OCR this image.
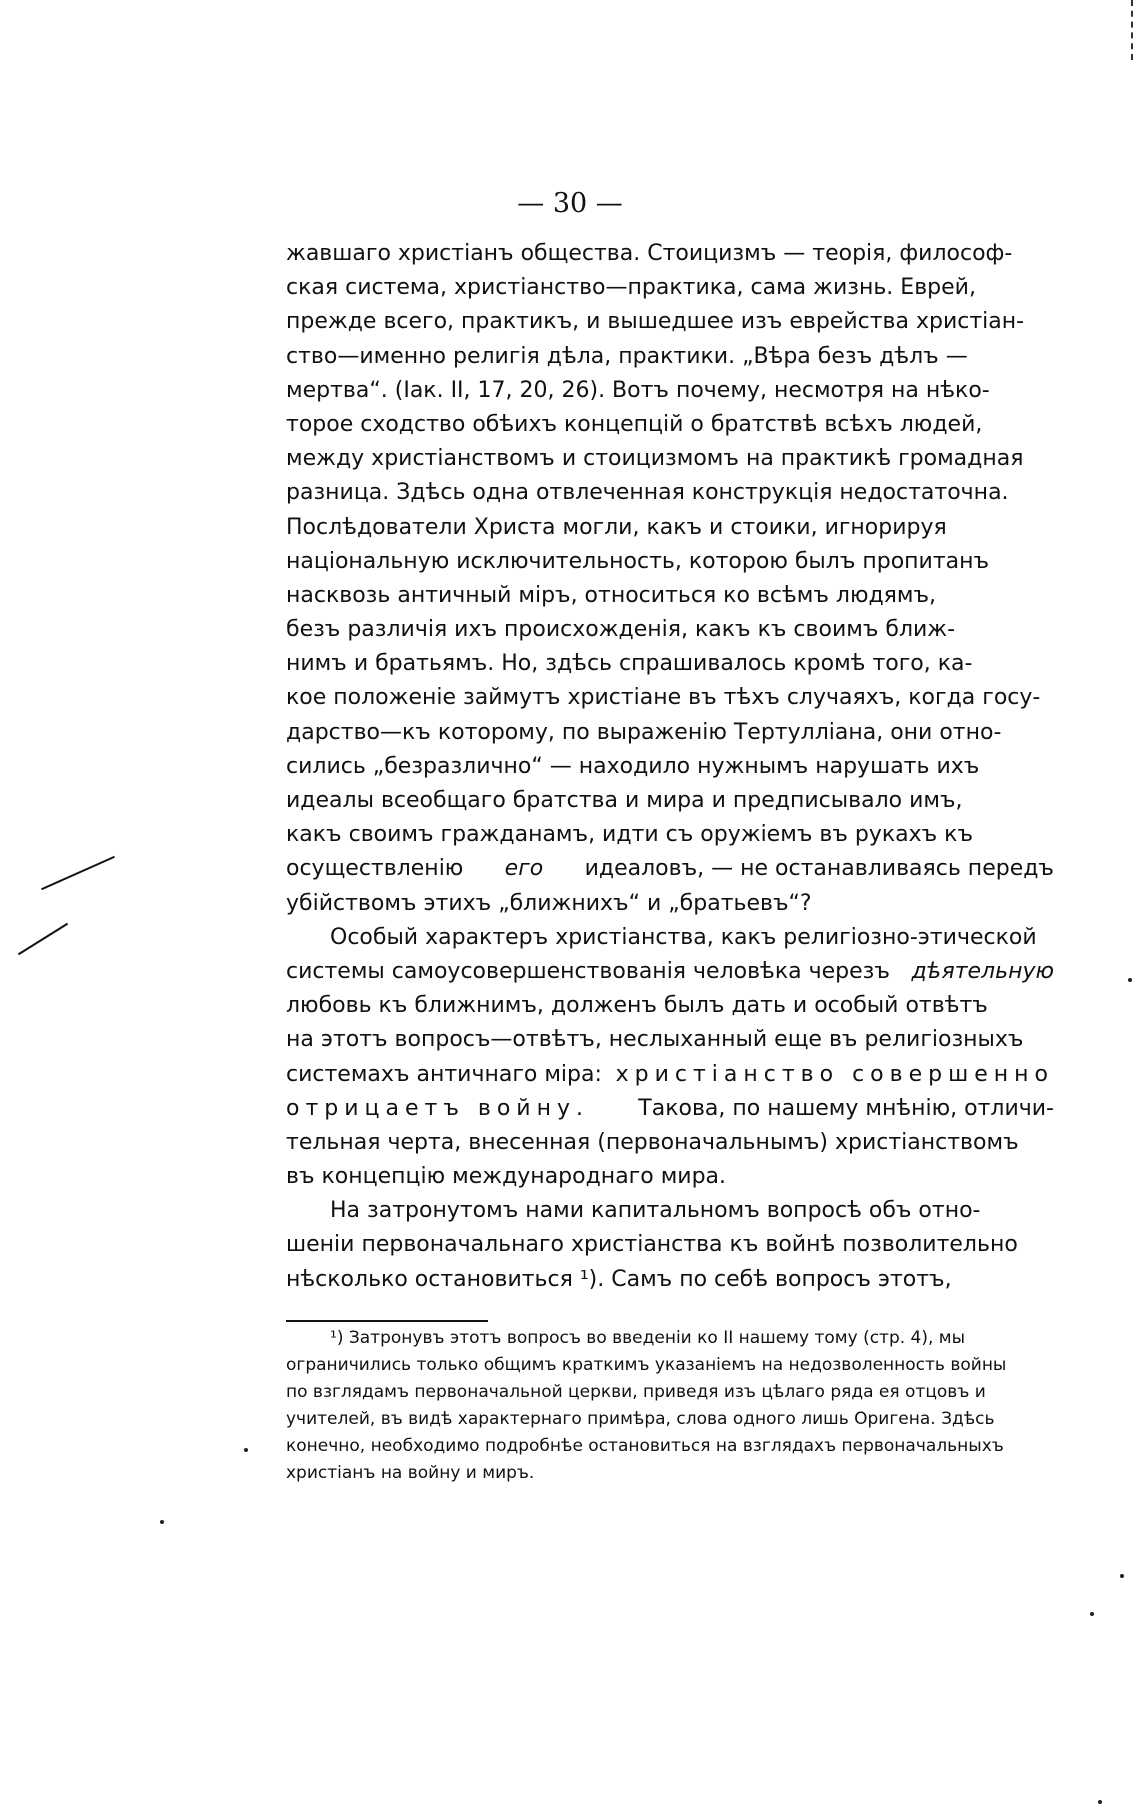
— 30 —
жавшаго христіанъ общества. Стоицизмъ — теорія, философ-
ская система, христіанство—практика, сама жизнь. Еврей,
прежде всего, практикъ, и вышедшее изъ еврейства христіан-
ство—именно религія дѣла, практики. „Вѣра безъ дѣлъ —
мертва“. (Іак. II, 17, 20, 26). Вотъ почему, несмотря на нѣко-
торое сходство обѣихъ концепцій о братствѣ всѣхъ людей,
между христіанствомъ и стоицизмомъ на практикѣ громадная
разница. Здѣсь одна отвлеченная конструкція недостаточна.
Послѣдователи Христа могли, какъ и стоики, игнорируя
національную исключительность, которою былъ пропитанъ
насквозь античный міръ, относиться ко всѣмъ людямъ,
безъ различія ихъ происхожденія, какъ къ своимъ ближ-
нимъ и братьямъ. Но, здѣсь спрашивалось кромѣ того, ка-
кое положеніе займутъ христіане въ тѣхъ случаяхъ, когда госу-
дарство—къ которому, по выраженію Тертулліана, они отно-
сились „безразлично“ — находило нужнымъ нарушать ихъ
идеалы всеобщаго братства и мира и предписывало имъ,
какъ своимъ гражданамъ, идти съ оружіемъ въ рукахъ къ
осуществленію его идеаловъ, — не останавливаясь передъ
убійствомъ этихъ „ближнихъ“ и „братьевъ“?
Особый характеръ христіанства, какъ религіозно-этической
системы самоусовершенствованія человѣка черезъ дѣятельную
любовь къ ближнимъ, долженъ былъ дать и особый отвѣтъ
на этотъ вопросъ—отвѣтъ, неслыханный еще въ религіозныхъ
системахъ античнаго міра: христіанство совершенно
отрицаетъ войну. Такова, по нашему мнѣнію, отличи-
тельная черта, внесенная (первоначальнымъ) христіанствомъ
въ концепцію международнаго мира.
На затронутомъ нами капитальномъ вопросѣ объ отно-
шеніи первоначальнаго христіанства къ войнѣ позволительно
нѣсколько остановиться ¹). Самъ по себѣ вопросъ этотъ,
¹) Затронувъ этотъ вопросъ во введеніи ко II нашему тому (стр. 4), мы
ограничились только общимъ краткимъ указаніемъ на недозволенность войны
по взглядамъ первоначальной церкви, приведя изъ цѣлаго ряда ея отцовъ и
учителей, въ видѣ характернаго примѣра, слова одного лишь Оригена. Здѣсь
конечно, необходимо подробнѣе остановиться на взглядахъ первоначальныхъ
христіанъ на войну и миръ.
